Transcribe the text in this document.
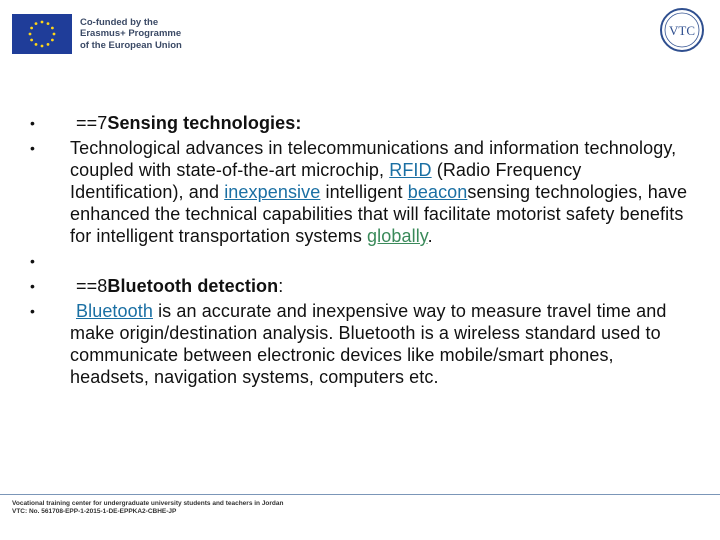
Co-funded by the
Erasmus+ Programme
of the European Union
VTC
•	==7Sensing technologies:
•	Technological advances in telecommunications and information technology, coupled with state-of-the-art microchip, RFID (Radio Frequency Identification), and inexpensive intelligent beaconsensing technologies, have enhanced the technical capabilities that will facilitate motorist safety benefits for intelligent transportation systems globally.
•

•	==8Bluetooth detection:
•	Bluetooth is an accurate and inexpensive way to measure travel time and make origin/destination analysis. Bluetooth is a wireless standard used to communicate between electronic devices like mobile/smart phones, headsets, navigation systems, computers etc.
Vocational training center for undergraduate university students and teachers in Jordan
VTC: No. 561708-EPP-1-2015-1-DE-EPPKA2-CBHE-JP
